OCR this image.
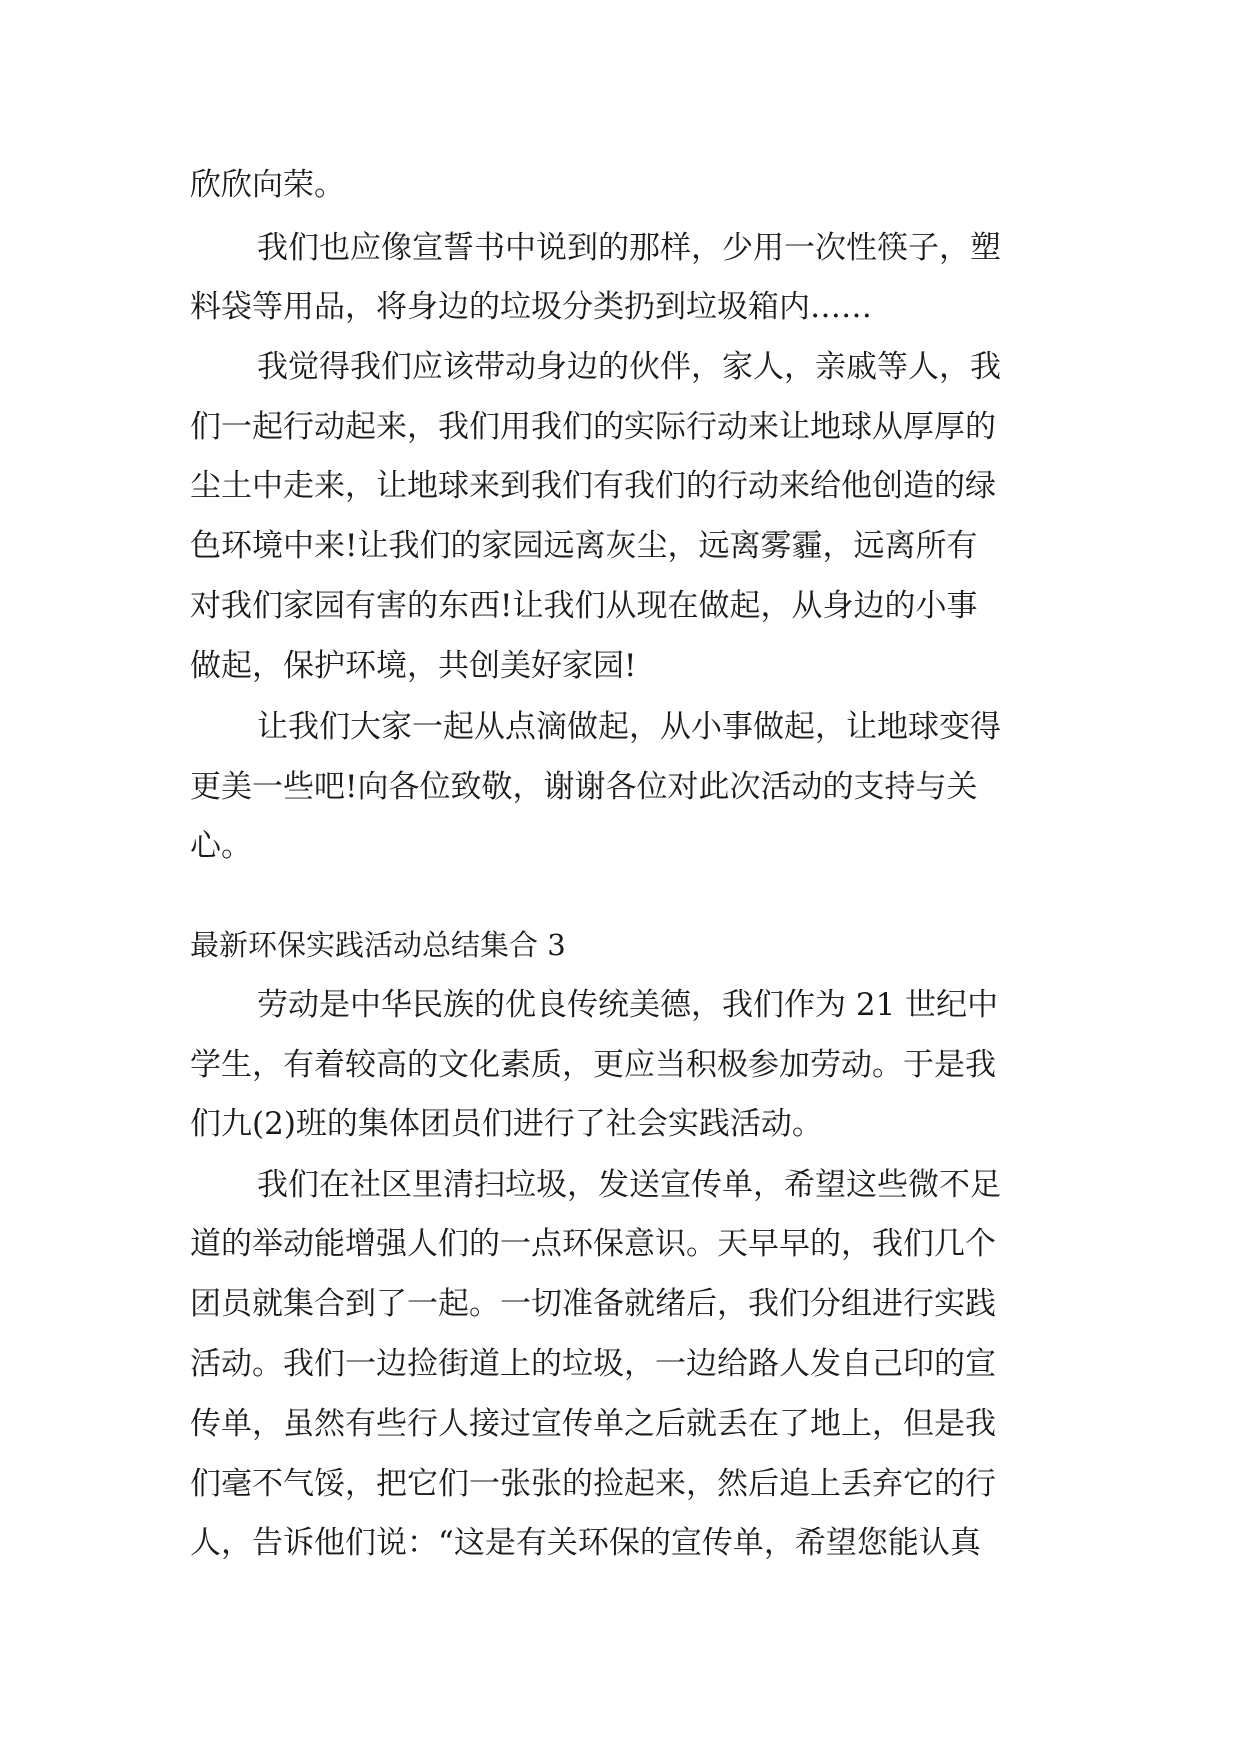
欣欣向荣。

我们也应像宣誓书中说到的那样，少用一次性筷子，塑

料袋等用品，将身边的垃圾分类扔到垃圾箱内……

我觉得我们应该带动身边的伙伴，家人，亲戚等人，我

们一起行动起来，我们用我们的实际行动来让地球从厚厚的

尘土中走来，让地球来到我们有我们的行动来给他创造的绿

色环境中来!让我们的家园远离灰尘，远离雾霾，远离所有

对我们家园有害的东西!让我们从现在做起，从身边的小事

做起，保护环境，共创美好家园!

让我们大家一起从点滴做起，从小事做起，让地球变得

更美一些吧!向各位致敬，谢谢各位对此次活动的支持与关

心。

最新环保实践活动总结集合 3

劳动是中华民族的优良传统美德，我们作为 21 世纪中

学生，有着较高的文化素质，更应当积极参加劳动。于是我

们九(2)班的集体团员们进行了社会实践活动。

我们在社区里清扫垃圾，发送宣传单，希望这些微不足

道的举动能增强人们的一点环保意识。天早早的，我们几个

团员就集合到了一起。一切准备就绪后，我们分组进行实践

活动。我们一边捡街道上的垃圾，一边给路人发自己印的宣

传单，虽然有些行人接过宣传单之后就丢在了地上，但是我

们毫不气馁，把它们一张张的捡起来，然后追上丢弃它的行

人，告诉他们说：“这是有关环保的宣传单，希望您能认真
